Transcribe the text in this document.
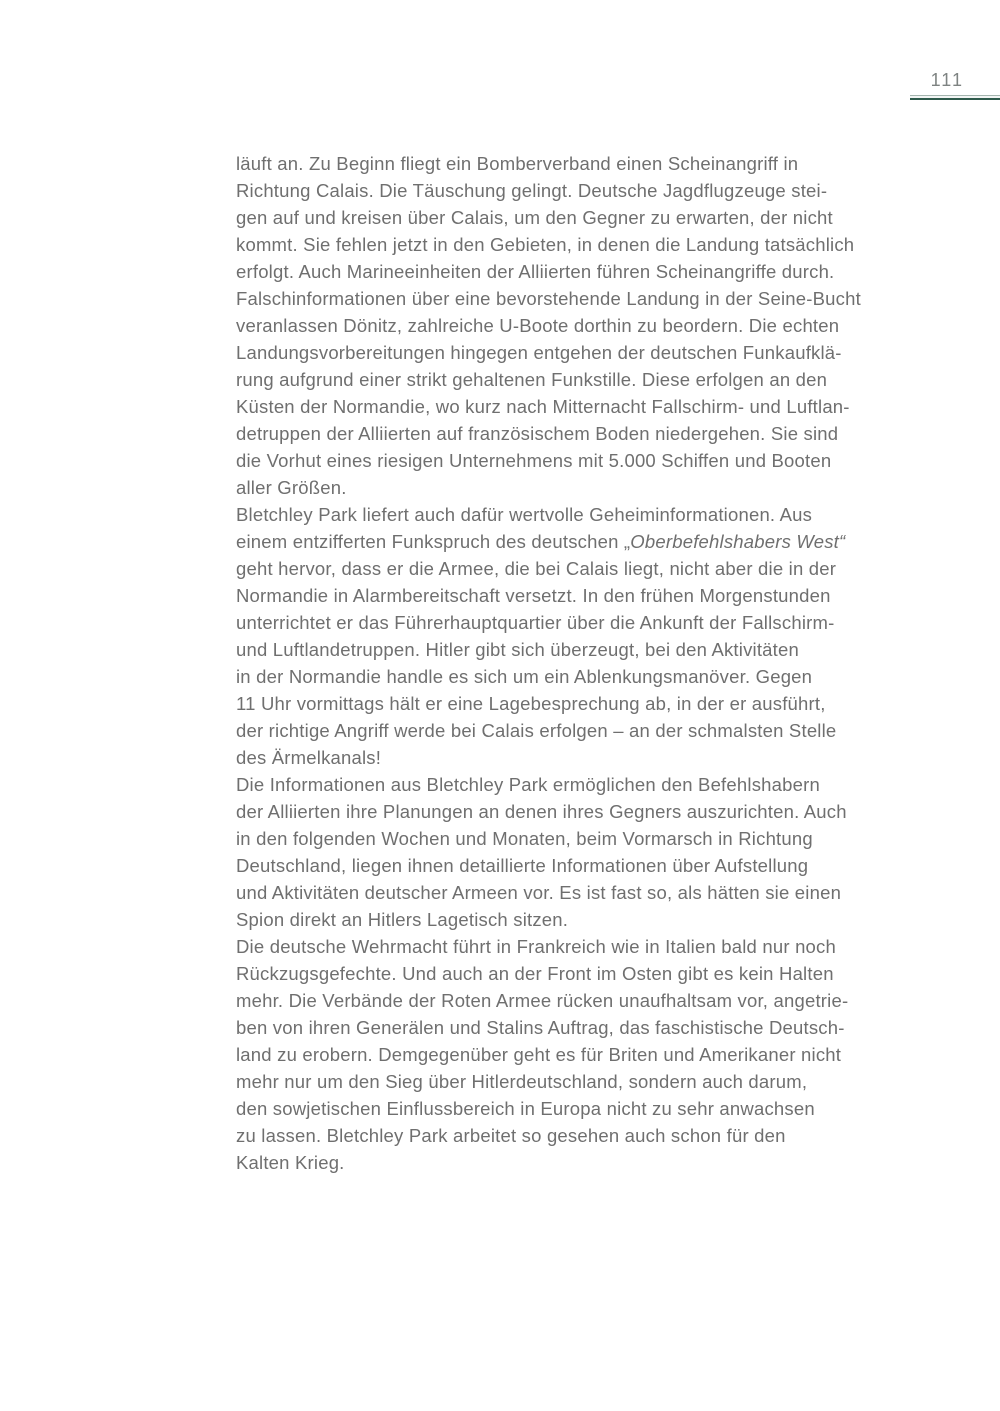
111
läuft an. Zu Beginn fliegt ein Bomberverband einen Scheinangriff in
Richtung Calais. Die Täuschung gelingt. Deutsche Jagdflugzeuge stei-
gen auf und kreisen über Calais, um den Gegner zu erwarten, der nicht
kommt. Sie fehlen jetzt in den Gebieten, in denen die Landung tatsächlich
erfolgt. Auch Marineeinheiten der Alliierten führen Scheinangriffe durch.
Falschinformationen über eine bevorstehende Landung in der Seine-Bucht
veranlassen Dönitz, zahlreiche U-Boote dorthin zu beordern. Die echten
Landungsvorbereitungen hingegen entgehen der deutschen Funkaufklä-
rung aufgrund einer strikt gehaltenen Funkstille. Diese erfolgen an den
Küsten der Normandie, wo kurz nach Mitternacht Fallschirm- und Luftlan-
detruppen der Alliierten auf französischem Boden niedergehen. Sie sind
die Vorhut eines riesigen Unternehmens mit 5.000 Schiffen und Booten
aller Größen.
Bletchley Park liefert auch dafür wertvolle Geheiminformationen. Aus
einem entzifferten Funkspruch des deutschen „Oberbefehlshabers West“
geht hervor, dass er die Armee, die bei Calais liegt, nicht aber die in der
Normandie in Alarmbereitschaft versetzt. In den frühen Morgenstunden
unterrichtet er das Führerhauptquartier über die Ankunft der Fallschirm-
und Luftlandetruppen. Hitler gibt sich überzeugt, bei den Aktivitäten
in der Normandie handle es sich um ein Ablenkungsmanöver. Gegen
11 Uhr vormittags hält er eine Lagebesprechung ab, in der er ausführt,
der richtige Angriff werde bei Calais erfolgen – an der schmalsten Stelle
des Ärmelkanals!
Die Informationen aus Bletchley Park ermöglichen den Befehlshabern
der Alliierten ihre Planungen an denen ihres Gegners auszurichten. Auch
in den folgenden Wochen und Monaten, beim Vormarsch in Richtung
Deutschland, liegen ihnen detaillierte Informationen über Aufstellung
und Aktivitäten deutscher Armeen vor. Es ist fast so, als hätten sie einen
Spion direkt an Hitlers Lagetisch sitzen.
Die deutsche Wehrmacht führt in Frankreich wie in Italien bald nur noch
Rückzugsgefechte. Und auch an der Front im Osten gibt es kein Halten
mehr. Die Verbände der Roten Armee rücken unaufhaltsam vor, angetrie-
ben von ihren Generälen und Stalins Auftrag, das faschistische Deutsch-
land zu erobern. Demgegenüber geht es für Briten und Amerikaner nicht
mehr nur um den Sieg über Hitlerdeutschland, sondern auch darum,
den sowjetischen Einflussbereich in Europa nicht zu sehr anwachsen
zu lassen. Bletchley Park arbeitet so gesehen auch schon für den
Kalten Krieg.
